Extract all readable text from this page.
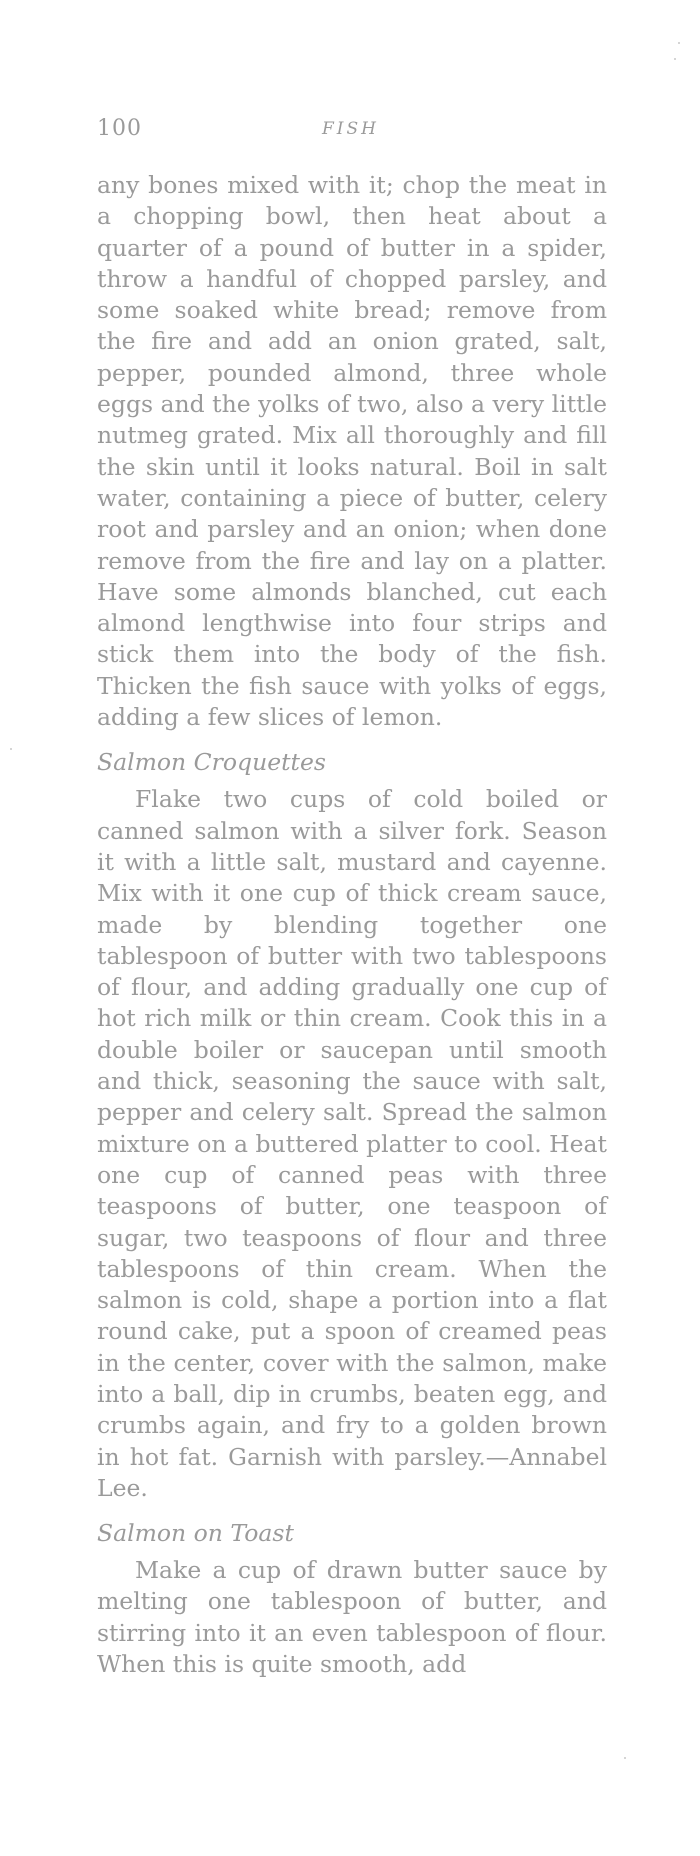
100	FISH

any bones mixed with it; chop the meat in a chopping bowl, then heat about a quarter of a pound of butter in a spider, throw a handful of chopped parsley, and some soaked white bread; remove from the fire and add an onion grated, salt, pepper, pounded almond, three whole eggs and the yolks of two, also a very little nutmeg grated. Mix all thoroughly and fill the skin until it looks natural. Boil in salt water, containing a piece of butter, celery root and parsley and an onion; when done remove from the fire and lay on a platter. Have some almonds blanched, cut each almond lengthwise into four strips and stick them into the body of the fish. Thicken the fish sauce with yolks of eggs, adding a few slices of lemon.

Salmon Croquettes

Flake two cups of cold boiled or canned salmon with a silver fork. Season it with a little salt, mustard and cayenne. Mix with it one cup of thick cream sauce, made by blending together one tablespoon of butter with two tablespoons of flour, and adding gradually one cup of hot rich milk or thin cream. Cook this in a double boiler or saucepan until smooth and thick, seasoning the sauce with salt, pepper and celery salt. Spread the salmon mixture on a buttered platter to cool. Heat one cup of canned peas with three teaspoons of butter, one teaspoon of sugar, two teaspoons of flour and three tablespoons of thin cream. When the salmon is cold, shape a portion into a flat round cake, put a spoon of creamed peas in the center, cover with the salmon, make into a ball, dip in crumbs, beaten egg, and crumbs again, and fry to a golden brown in hot fat. Garnish with parsley.—Annabel Lee.

Salmon on Toast

Make a cup of drawn butter sauce by melting one tablespoon of butter, and stirring into it an even tablespoon of flour. When this is quite smooth, add
